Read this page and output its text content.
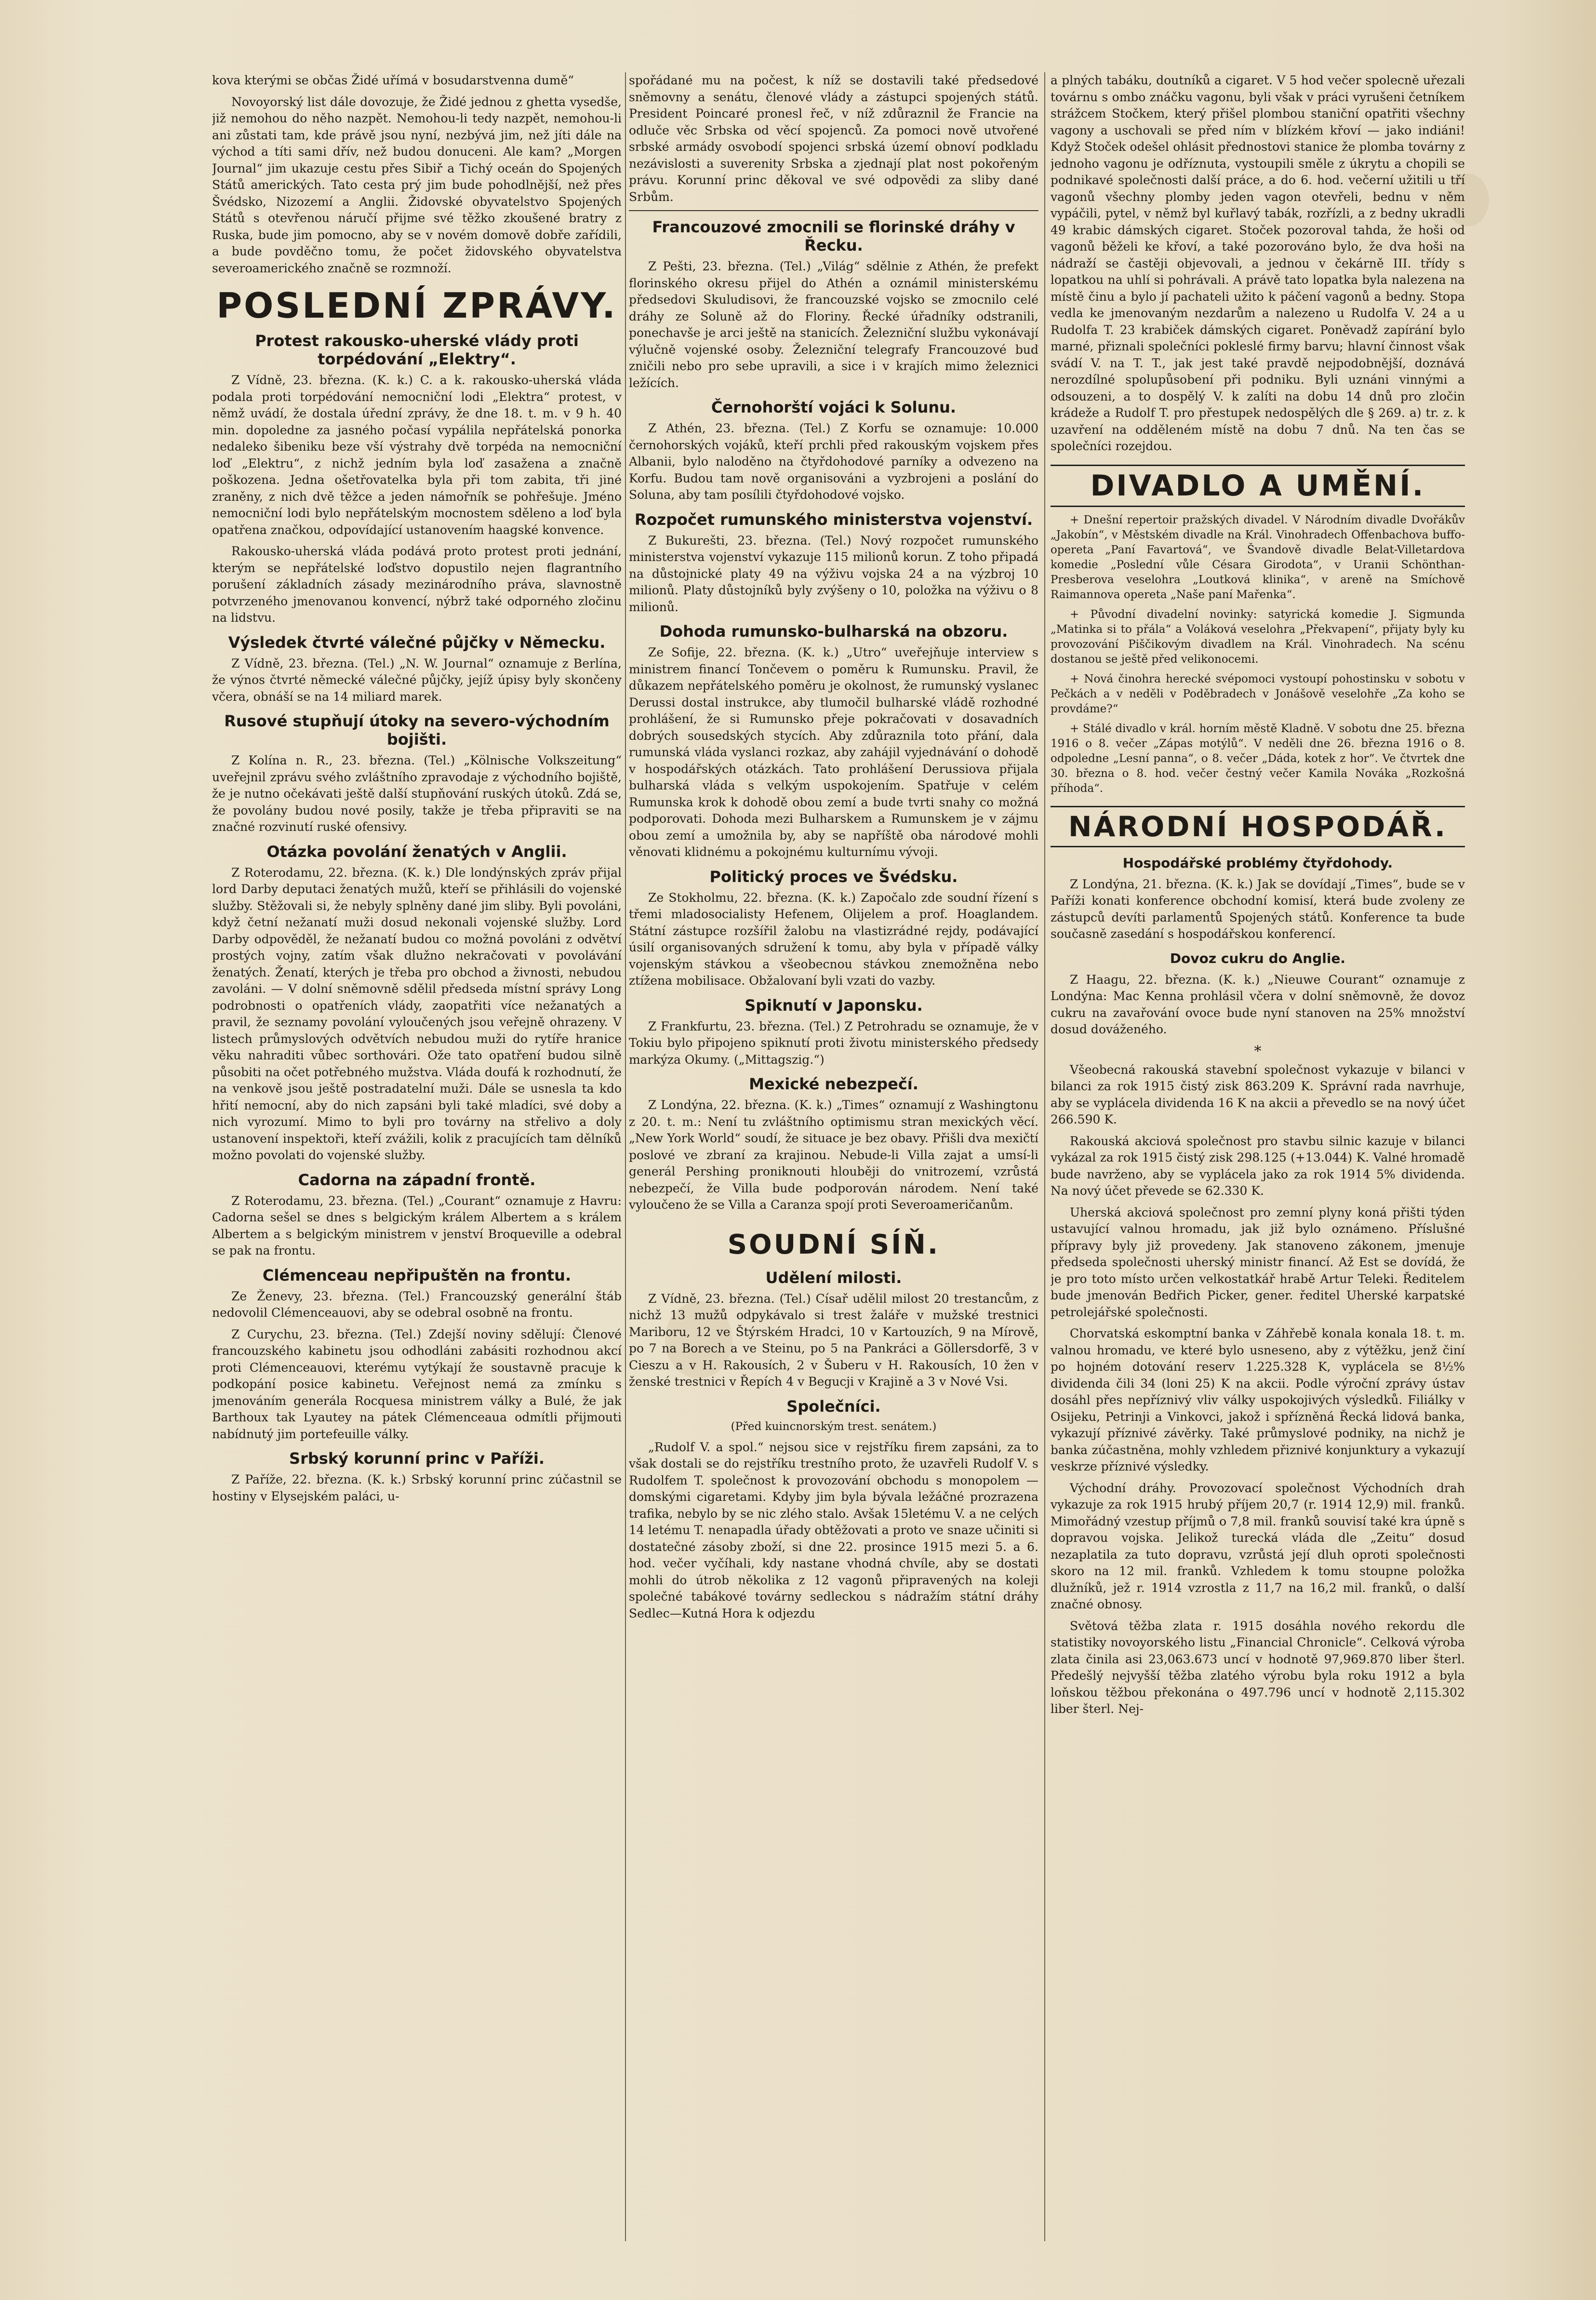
kova kterými se občas Židé uřímá v bosudarstvenna dumě“

Novoyorský list dále dovozuje, že Židé jednou z ghetta vysedše, již nemohou do něho nazpět. Nemohou-li tedy nazpět, nemohou-li ani zůstati tam, kde právě jsou nyní, nezbývá jim, než jíti dále na východ a títi sami dřív, než budou donuceni. Ale kam? „Morgen Journal“ jim ukazuje cestu přes Sibiř a Tichý oceán do Spojených Států amerických. Tato cesta prý jim bude pohodlnější, než přes Švédsko, Nizozemí a Anglii. Židovské obyvatelstvo Spojených Států s otevřenou náručí přijme své těžko zkoušené bratry z Ruska, bude jim pomocno, aby se v novém domově dobře zařídili, a bude povděčno tomu, že počet židovského obyvatelstva severoamerického značně se rozmnoží.

POSLEDNÍ ZPRÁVY.
Protest rakousko-uherské vlády proti torpédování „Elektry“.

Z Vídně, 23. března. (K. k.) C. a k. rakousko-uherská vláda podala proti torpédování nemocniční lodi „Elektra“ protest, v němž uvádí, že dostala úřední zprávy, že dne 18. t. m. v 9 h. 40 min. dopoledne za jasného počasí vypálila nepřátelská ponorka nedaleko šibeniku beze vší výstrahy dvě torpéda na nemocniční loď „Elektru“, z nichž jedním byla loď zasažena a značně poškozena. Jedna ošetřovatelka byla při tom zabita, tři jiné zraněny, z nich dvě těžce a jeden námořník se pohřešuje. Jméno nemocniční lodi bylo nepřátelským mocnostem sděleno a loď byla opatřena značkou, odpovídající ustanovením haagské konvence.

Rakousko-uherská vláda podává proto protest proti jednání, kterým se nepřátelské loďstvo dopustilo nejen flagrantního porušení základních zásady mezinárodního práva, slavnostně potvrzeného jmenovanou konvencí, nýbrž také odporného zločinu na lidstvu.

Výsledek čtvrté válečné půjčky v Německu.

Z Vídně, 23. března. (Tel.) „N. W. Journal“ oznamuje z Berlína, že výnos čtvrté německé válečné půjčky, jejíž úpisy byly skončeny včera, obnáší se na 14 miliard marek.

Rusové stupňují útoky na severo-východním bojišti.

Z Kolína n. R., 23. března. (Tel.) „Kölnische Volkszeitung“ uveřejnil zprávu svého zvláštního zpravodaje z východního bojiště, že je nutno očekávati ještě další stupňování ruských útoků. Zdá se, že povolány budou nové posily, takže je třeba připraviti se na značné rozvinutí ruské ofensivy.

Otázka povolání ženatých v Anglii.

Z Roterodamu, 22. března. (K. k.) Dle londýnských zpráv přijal lord Darby deputaci ženatých mužů, kteří se přihlásili do vojenské služby. Stěžovali si, že nebyly splněny dané jim sliby. Byli povoláni, když četní nežanatí muži dosud nekonali vojenské služby. Lord Darby odpověděl, že nežanatí budou co možná povoláni z odvětví prostých vojny, zatím však dlužno nekračovati v povolávání ženatých. Ženatí, kterých je třeba pro obchod a živnosti, nebudou zavoláni. — V dolní sněmovně sdělil předseda místní správy Long podrobnosti o opatřeních vlády, zaopatřiti více nežanatých a pravil, že seznamy povolání vyloučených jsou veřejně ohrazeny. V listech průmyslových odvětvích nebudou muži do rytíře hranice věku nahraditi vůbec sorthovári. Ože tato opatření budou silně působiti na očet potřebného mužstva. Vláda doufá k rozhodnutí, že na venkově jsou ještě postradatelní muži. Dále se usnesla ta kdo hřití nemocní, aby do nich zapsáni byli také mladíci, své doby a nich vyrozumí. Mimo to byli pro továrny na střelivo a doly ustanovení inspektoři, kteří zvážili, kolik z pracujících tam dělníků možno povolati do vojenské služby.

Cadorna na západní frontě.

Z Roterodamu, 23. března. (Tel.) „Courant“ oznamuje z Havru: Cadorna sešel se dnes s belgickým králem Albertem a s králem Albertem a s belgickým ministrem v jenství Broqueville a odebral se pak na frontu.

Clémenceau nepřipuštěn na frontu.

Ze Ženevy, 23. března. (Tel.) Francouzský generální štáb nedovolil Clémenceauovi, aby se odebral osobně na frontu.

Z Curychu, 23. března. (Tel.) Zdejší noviny sdělují: Členové francouzského kabinetu jsou odhodláni zabásiti rozhodnou akcí proti Clémenceauovi, kterému vytýkají že soustavně pracuje k podkopání posice kabinetu. Veřejnost nemá za zmínku s jmenováním generála Rocquesa ministrem války a Bulé, že jak Barthoux tak Lyautey na pátek Clémenceaua odmítli přijmouti nabídnutý jim portefeuille války.

Srbský korunní princ v Paříži.

Z Paříže, 22. března. (K. k.) Srbský korunní princ zúčastnil se hostiny v Elysejském paláci, u-

spořádané mu na počest, k níž se dostavili také předsedové sněmovny a senátu, členové vlády a zástupci spojených států. President Poincaré pronesl řeč, v níž zdůraznil že Francie na odluče věc Srbska od věcí spojenců. Za pomoci nově utvořené srbské armády osvobodí spojenci srbská území obnoví podkladu nezávislosti a suverenity Srbska a zjednají plat nost pokořeným právu. Korunní princ děkoval ve své odpovědi za sliby dané Srbům.

Francouzové zmocnili se florinské dráhy v Řecku.

Z Pešti, 23. března. (Tel.) „Világ“ sdělnie z Athén, že prefekt florinského okresu přijel do Athén a oznámil ministerskému předsedovi Skuludisovi, že francouzské vojsko se zmocnilo celé dráhy ze Soluně až do Floriny. Řecké úřadníky odstranili, ponechavše je arci ještě na stanicích. Železniční službu vykonávají výlučně vojenské osoby. Železniční telegrafy Francouzové buď zničili nebo pro sebe upravili, a sice i v krajích mimo železnici ležících.

Černohorští vojáci k Solunu.

Z Athén, 23. března. (Tel.) Z Korfu se oznamuje: 10.000 černohorských vojáků, kteří prchli před rakouským vojskem přes Albanii, bylo naloděno na čtyřdohodové parníky a odvezeno na Korfu. Budou tam nově organisováni a vyzbrojeni a poslání do Soluna, aby tam posílili čtyřdohodové vojsko.

Rozpočet rumunského ministerstva vojenství.

Z Bukurešti, 23. března. (Tel.) Nový rozpočet rumunského ministerstva vojenství vykazuje 115 milionů korun. Z toho připadá na důstojnické platy 49 na výživu vojska 24 a na výzbroj 10 milionů. Platy důstojníků byly zvýšeny o 10, položka na výživu o 8 milionů.

Dohoda rumunsko-bulharská na obzoru.

Ze Sofije, 22. března. (K. k.) „Utro“ uveřejňuje interview s ministrem financí Tončevem o poměru k Rumunsku. Pravil, že důkazem nepřátelského poměru je okolnost, že rumunský vyslanec Derussi dostal instrukce, aby tlumočil bulharské vládě rozhodné prohlášení, že si Rumunsko přeje pokračovati v dosavadních dobrých sousedských stycích. Aby zdůraznila toto přání, dala rumunská vláda vyslanci rozkaz, aby zahájil vyjednávání o dohodě v hospodářských otázkách. Tato prohlášení Derussiova přijala bulharská vláda s velkým uspokojením. Spatřuje v celém Rumunska krok k dohodě obou zemí a bude tvrti snahy co možná podporovati. Dohoda mezi Bulharskem a Rumunskem je v zájmu obou zemí a umožnila by, aby se napříště oba národové mohli věnovati klidnému a pokojnému kulturnímu vývoji.

Politický proces ve Švédsku.

Ze Stokholmu, 22. března. (K. k.) Započalo zde soudní řízení s třemi mladosocialisty Hefenem, Olijelem a prof. Hoaglandem. Státní zástupce rozšířil žalobu na vlastizrádné rejdy, podávající úsilí organisovaných sdružení k tomu, aby byla v případě války vojenským stávkou a všeobecnou stávkou znemožněna nebo ztížena mobilisace. Obžalovaní byli vzati do vazby.

Spiknutí v Japonsku.

Z Frankfurtu, 23. března. (Tel.) Z Petrohradu se oznamuje, že v Tokiu bylo připojeno spiknutí proti životu ministerského předsedy markýza Okumy. („Mittagszig.“)

Mexické nebezpečí.

Z Londýna, 22. března. (K. k.) „Times“ oznamují z Washingtonu z 20. t. m.: Není tu zvláštního optimismu stran mexických věcí. „New York World“ soudí, že situace je bez obavy. Přišli dva mexičtí poslové ve zbraní za krajinou. Nebude-li Villa zajat a umsí-li generál Pershing proniknouti hlouběji do vnitrozemí, vzrůstá nebezpečí, že Villa bude podporován národem. Není také vyloučeno že se Villa a Caranza spojí proti Severoameričanům.

SOUDNÍ SÍŇ.
Udělení milosti.

Z Vídně, 23. března. (Tel.) Císař udělil milost 20 trestancům, z nichž 13 mužů odpykávalo si trest žaláře v mužské trestnici Mariboru, 12 ve Štýrském Hradci, 10 v Kartouzích, 9 na Mírově, po 7 na Borech a ve Steinu, po 5 na Pankráci a Göllersdorfě, 3 v Cieszu a v H. Rakousích, 2 v Šuberu v H. Rakousích, 10 žen v ženské trestnici v Řepích 4 v Begucji v Krajině a 3 v Nové Vsi.

Společníci.

(Před kuincnorským trest. senátem.)

„Rudolf V. a spol.“ nejsou sice v rejstříku firem zapsáni, za to však dostali se do rejstříku trestního proto, že uzavřeli Rudolf V. s Rudolfem T. společnost k provozování obchodu s monopolem — domskými cigaretami. Kdyby jim byla bývala ležáčné prozrazena trafika, nebylo by se nic zlého stalo. Avšak 15letému V. a ne celých 14 letému T. nenapadla úřady obtěžovati a proto ve snaze učiniti si dostatečné zásoby zboží, si dne 22. prosince 1915 mezi 5. a 6. hod. večer vyčíhali, kdy nastane vhodná chvíle, aby se dostati mohli do útrob několika z 12 vagonů připravených na koleji společné tabákové továrny sedleckou s nádražím státní dráhy Sedlec—Kutná Hora k odjezdu

a plných tabáku, doutníků a cigaret. V 5 hod večer spolecně uřezali továrnu s ombo znáčku vagonu, byli však v práci vyrušeni četníkem strážcem Stočkem, který přišel plombou staniční opatřiti všechny vagony a uschovali se před ním v blízkém křoví — jako indiáni! Když Stoček odešel ohlásit přednostovi stanice že plomba továrny z jednoho vagonu je odříznuta, vystoupili směle z úkrytu a chopili se podnikavé společnosti další práce, a do 6. hod. večerní užitili u tří vagonů všechny plomby jeden vagon otevřeli, bednu v něm vypáčili, pytel, v němž byl kuřlavý tabák, rozřízli, a z bedny ukradli 49 krabic dámských cigaret. Stoček pozoroval tahda, že hoši od vagonů běželi ke křoví, a také pozorováno bylo, že dva hoši na nádraží se častěji objevovali, a jednou v čekárně III. třídy s lopatkou na uhlí si pohrávali. A právě tato lopatka byla nalezena na místě činu a bylo jí pachateli užito k páčení vagonů a bedny. Stopa vedla ke jmenovaným nezdarům a nalezeno u Rudolfa V. 24 a u Rudolfa T. 23 krabiček dámských cigaret. Poněvadž zapírání bylo marné, přiznali společníci pokleslé firmy barvu; hlavní činnost však svádí V. na T. T., jak jest také pravdě nejpodobnější, doznává nerozdílné spolupůsobení při podniku. Byli uznáni vinnými a odsouzeni, a to dospělý V. k zalíti na dobu 14 dnů pro zločin krádeže a Rudolf T. pro přestupek nedospělých dle § 269. a) tr. z. k uzavření na odděleném místě na dobu 7 dnů. Na ten čas se společníci rozejdou.

DIVADLO A UMĚNÍ.

+ Dnešní repertoir pražských divadel. V Národním divadle Dvořákův „Jakobín“, v Městském divadle na Král. Vinohradech Offenbachova buffo-opereta „Paní Favartová“, ve Švandově divadle Belat-Villetardova komedie „Poslední vůle Césara Girodota“, v Uranii Schönthan-Presberova veselohra „Loutková klinika“, v areně na Smíchově Raimannova opereta „Naše paní Mařenka“.

+ Původní divadelní novinky: satyrická komedie J. Sigmunda „Matinka si to přála“ a Voláková veselohra „Překvapení“, přijaty byly ku provozování Piščikovým divadlem na Král. Vinohradech. Na scénu dostanou se ještě před velikonocemi.

+ Nová činohra herecké svépomoci vystoupí pohostinsku v sobotu v Pečkách a v neděli v Poděbradech v Jonášově veselohře „Za koho se provdáme?“

+ Stálé divadlo v král. horním městě Kladně. V sobotu dne 25. března 1916 o 8. večer „Zápas motýlů“. V neděli dne 26. března 1916 o 8. odpoledne „Lesní panna“, o 8. večer „Dáda, kotek z hor“. Ve čtvrtek dne 30. března o 8. hod. večer čestný večer Kamila Nováka „Rozkošná příhoda“.

NÁRODNÍ HOSPODÁŘ.
Hospodářské problémy čtyřdohody.

Z Londýna, 21. března. (K. k.) Jak se dovídají „Times“, bude se v Paříži konati konference obchodní komisí, která bude zvoleny ze zástupců devíti parlamentů Spojených států. Konference ta bude současně zasedání s hospodářskou konferencí.

Dovoz cukru do Anglie.

Z Haagu, 22. března. (K. k.) „Nieuwe Courant“ oznamuje z Londýna: Mac Kenna prohlásil včera v dolní sněmovně, že dovoz cukru na zavařování ovoce bude nyní stanoven na 25% množství dosud dováženého.

*

Všeobecná rakouská stavební společnost vykazuje v bilanci v bilanci za rok 1915 čistý zisk 863.209 K. Správní rada navrhuje, aby se vyplácela dividenda 16 K na akcii a převedlo se na nový účet 266.590 K.

Rakouská akciová společnost pro stavbu silnic kazuje v bilanci vykázal za rok 1915 čistý zisk 298.125 (+13.044) K. Valné hromadě bude navrženo, aby se vyplácela jako za rok 1914 5% dividenda. Na nový účet převede se 62.330 K.

Uherská akciová společnost pro zemní plyny koná přišti týden ustavující valnou hromadu, jak již bylo oznámeno. Příslušné přípravy byly již provedeny. Jak stanoveno zákonem, jmenuje předseda společnosti uherský ministr financí. Až Est se dovídá, že je pro toto místo určen velkostatkář hrabě Artur Teleki. Ředitelem bude jmenován Bedřich Picker, gener. ředitel Uherské karpatské petrolejářské společnosti.

Chorvatská eskomptní banka v Záhřebě konala konala 18. t. m. valnou hromadu, ve které bylo usneseno, aby z výtěžku, jenž činí po hojném dotování reserv 1.225.328 K, vyplácela se 8½% dividenda čili 34 (loni 25) K na akcii. Podle výroční zprávy ústav dosáhl přes nepříznivý vliv války uspokojivých výsledků. Filiálky v Osijeku, Petrinji a Vinkovci, jakož i spřízněná Řecká lidová banka, vykazují příznivé závěrky. Také průmyslové podniky, na nichž je banka zúčastněna, mohly vzhledem přiznivé konjunktury a vykazují veskrze příznivé výsledky.

Východní dráhy. Provozovací společnost Východních drah vykazuje za rok 1915 hrubý příjem 20,7 (r. 1914 12,9) mil. franků. Mimořádný vzestup příjmů o 7,8 mil. franků souvisí také kra úpně s dopravou vojska. Jelikož turecká vláda dle „Zeitu“ dosud nezaplatila za tuto dopravu, vzrůstá její dluh oproti společnosti skoro na 12 mil. franků. Vzhledem k tomu stoupne položka dlužníků, jež r. 1914 vzrostla z 11,7 na 16,2 mil. franků, o další značné obnosy.

Světová těžba zlata r. 1915 dosáhla nového rekordu dle statistiky novoyorského listu „Financial Chronicle“. Celková výroba zlata činila asi 23,063.673 uncí v hodnotě 97,969.870 liber šterl. Předešlý nejvyšší těžba zlatého výrobu byla roku 1912 a byla loňskou těžbou překonána o 497.796 uncí v hodnotě 2,115.302 liber šterl. Nej-
